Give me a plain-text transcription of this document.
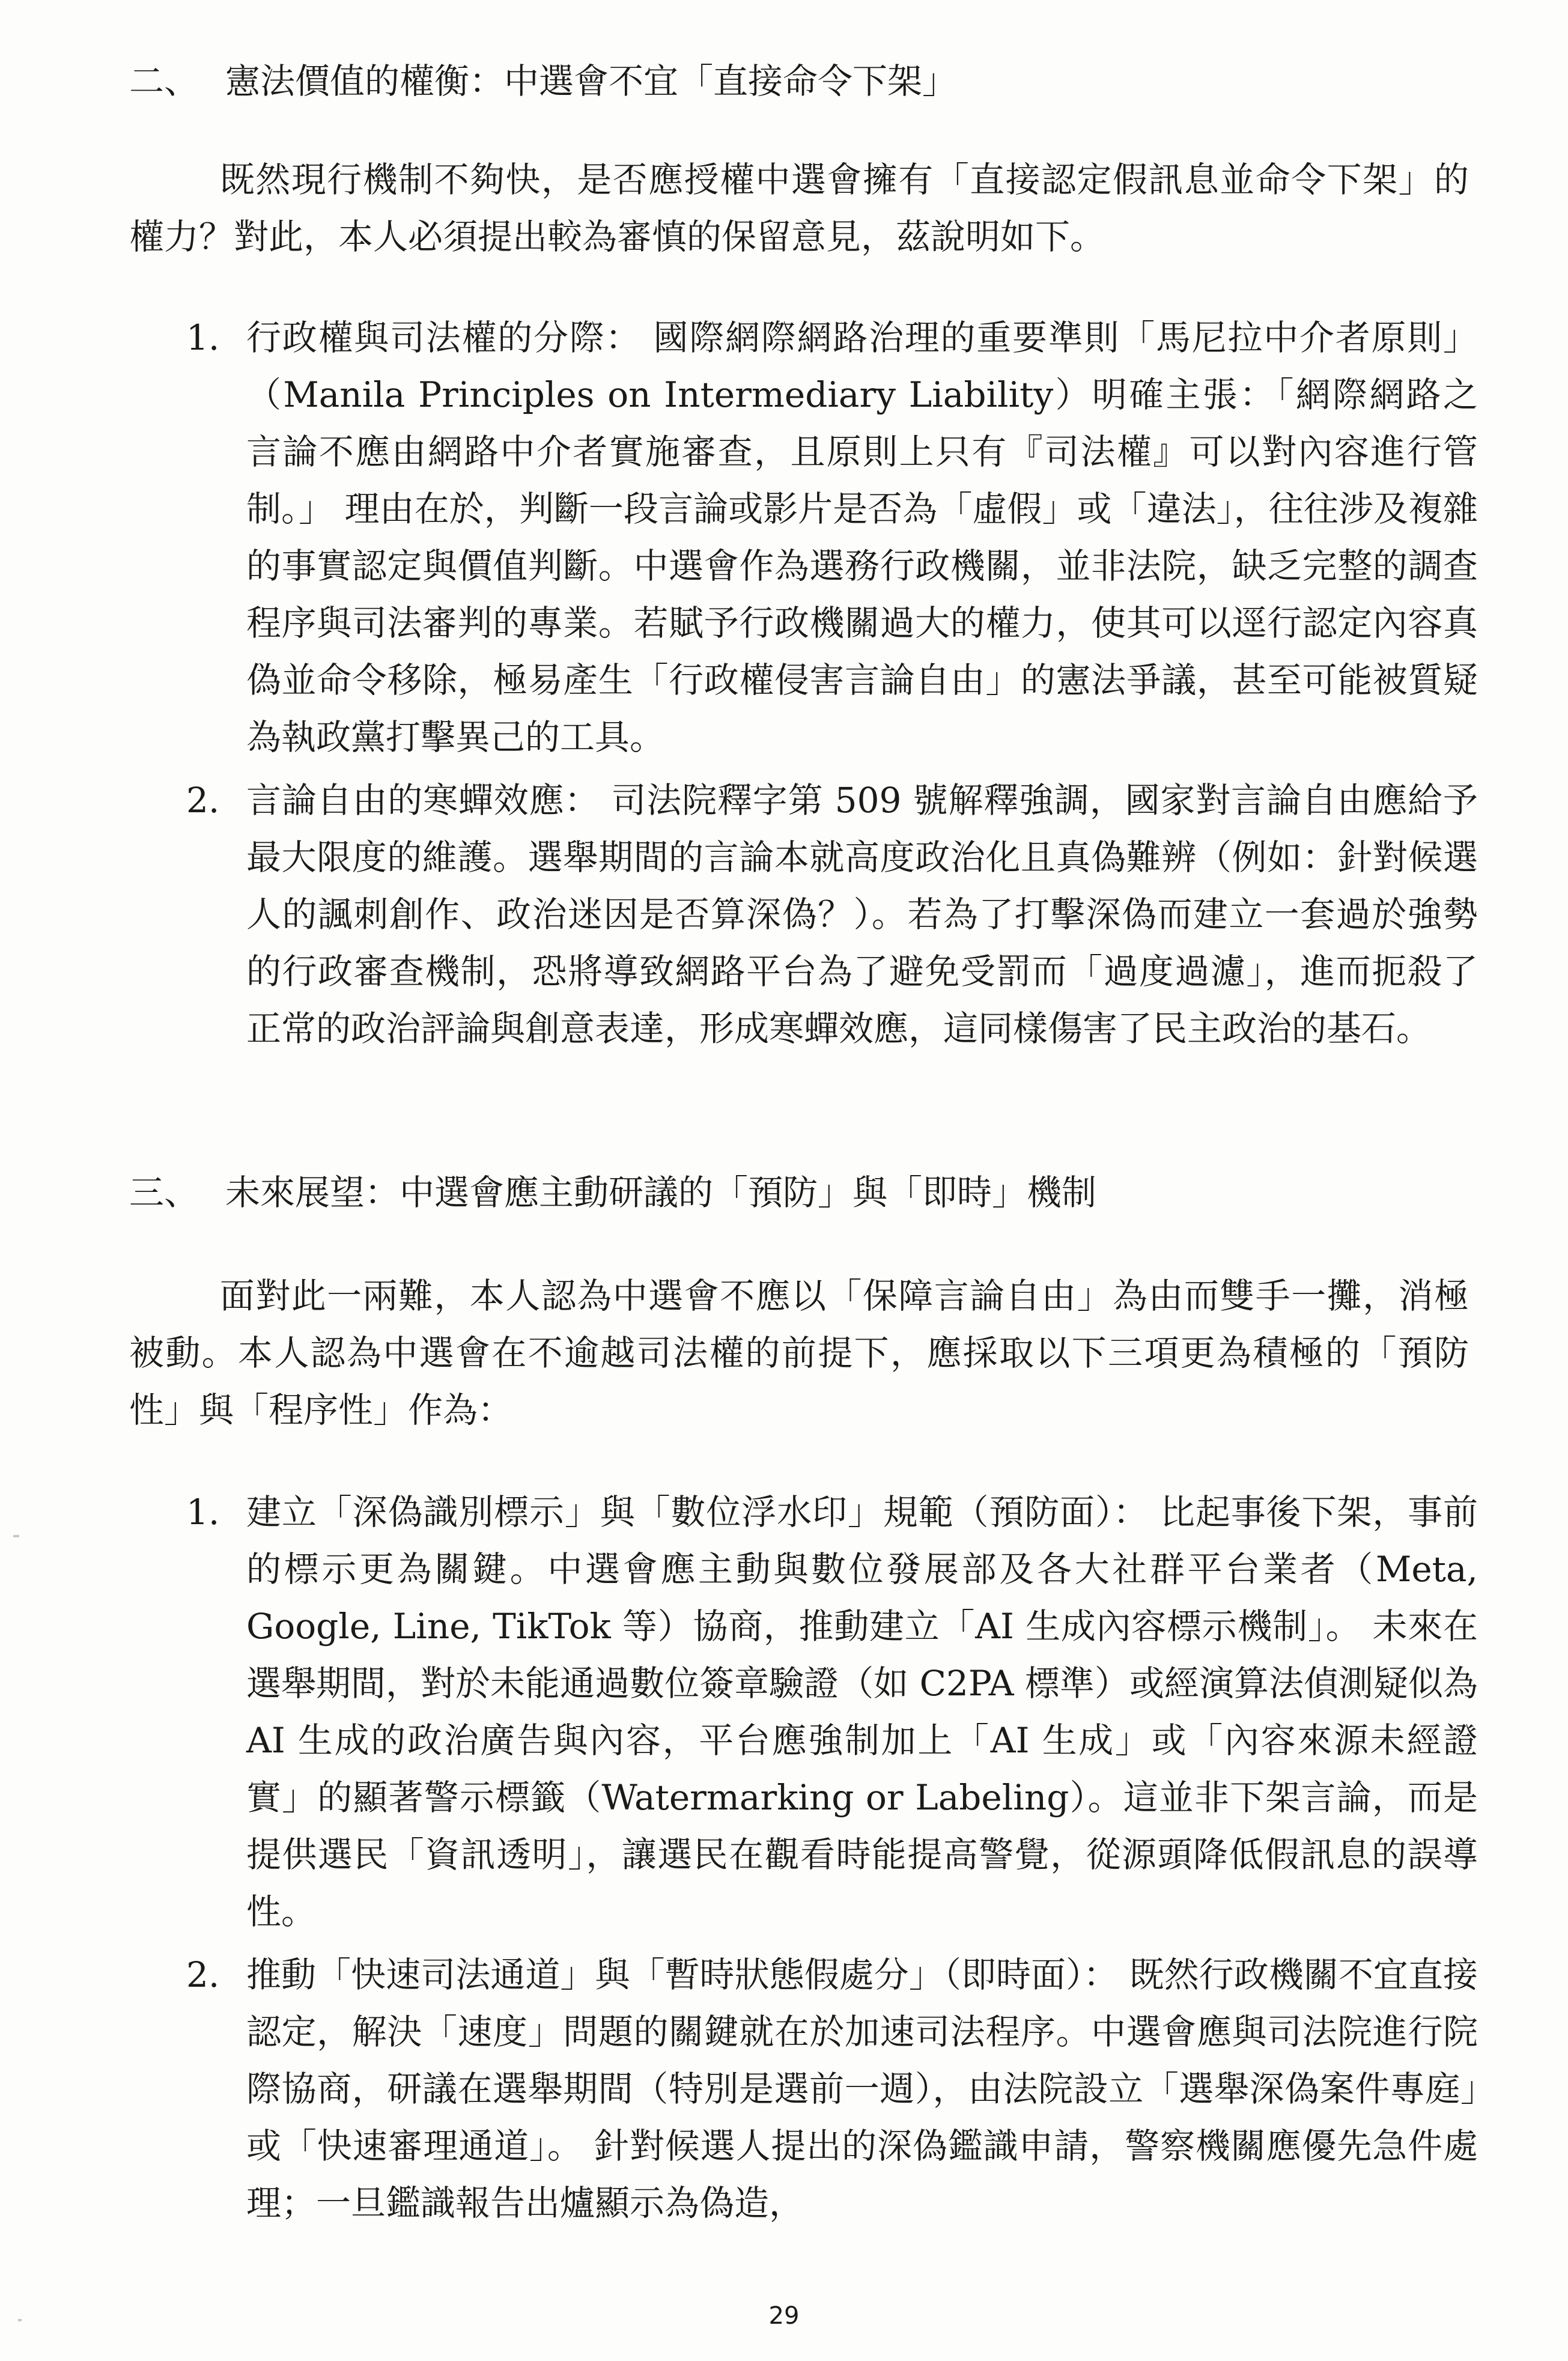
二、 憲法價值的權衡：中選會不宜「直接命令下架」
既然現行機制不夠快，是否應授權中選會擁有「直接認定假訊息並命令下架」的權力？對此，本人必須提出較為審慎的保留意見，茲說明如下。
1. 行政權與司法權的分際： 國際網際網路治理的重要準則「馬尼拉中介者原則」（Manila Principles on Intermediary Liability）明確主張：「網際網路之言論不應由網路中介者實施審查，且原則上只有『司法權』可以對內容進行管制。」 理由在於，判斷一段言論或影片是否為「虛假」或「違法」，往往涉及複雜的事實認定與價值判斷。中選會作為選務行政機關，並非法院，缺乏完整的調查程序與司法審判的專業。若賦予行政機關過大的權力，使其可以逕行認定內容真偽並命令移除，極易產生「行政權侵害言論自由」的憲法爭議，甚至可能被質疑為執政黨打擊異己的工具。
2. 言論自由的寒蟬效應： 司法院釋字第 509 號解釋強調，國家對言論自由應給予最大限度的維護。選舉期間的言論本就高度政治化且真偽難辨（例如：針對候選人的諷刺創作、政治迷因是否算深偽？）。若為了打擊深偽而建立一套過於強勢的行政審查機制，恐將導致網路平台為了避免受罰而「過度過濾」，進而扼殺了正常的政治評論與創意表達，形成寒蟬效應，這同樣傷害了民主政治的基石。
三、 未來展望：中選會應主動研議的「預防」與「即時」機制
面對此一兩難，本人認為中選會不應以「保障言論自由」為由而雙手一攤，消極被動。本人認為中選會在不逾越司法權的前提下，應採取以下三項更為積極的「預防性」與「程序性」作為：
1. 建立「深偽識別標示」與「數位浮水印」規範（預防面）： 比起事後下架，事前的標示更為關鍵。中選會應主動與數位發展部及各大社群平台業者（Meta, Google, Line, TikTok 等）協商，推動建立「AI 生成內容標示機制」。 未來在選舉期間，對於未能通過數位簽章驗證（如 C2PA 標準）或經演算法偵測疑似為 AI 生成的政治廣告與內容，平台應強制加上「AI 生成」或「內容來源未經證實」的顯著警示標籤（Watermarking or Labeling）。這並非下架言論，而是提供選民「資訊透明」，讓選民在觀看時能提高警覺，從源頭降低假訊息的誤導性。
2. 推動「快速司法通道」與「暫時狀態假處分」（即時面）： 既然行政機關不宜直接認定，解決「速度」問題的關鍵就在於加速司法程序。中選會應與司法院進行院際協商，研議在選舉期間（特別是選前一週），由法院設立「選舉深偽案件專庭」或「快速審理通道」。 針對候選人提出的深偽鑑識申請，警察機關應優先急件處理；一旦鑑識報告出爐顯示為偽造，
29
